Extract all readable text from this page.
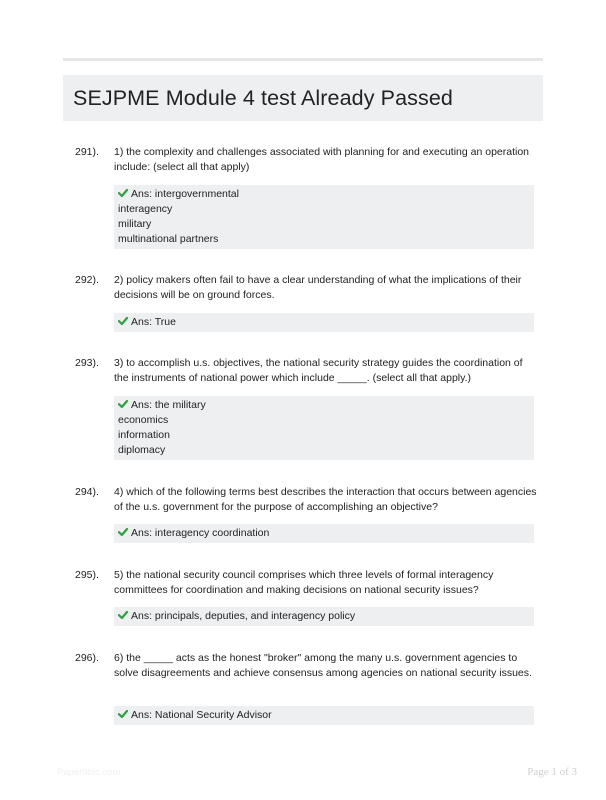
SEJPME Module 4 test Already Passed
291). 1) the complexity and challenges associated with planning for and executing an operation include: (select all that apply)
Ans: intergovernmental
interagency
military
multinational partners
292). 2) policy makers often fail to have a clear understanding of what the implications of their decisions will be on ground forces.
Ans: True
293). 3) to accomplish u.s. objectives, the national security strategy guides the coordination of the instruments of national power which include _____. (select all that apply.)
Ans: the military
economics
information
diplomacy
294). 4) which of the following terms best describes the interaction that occurs between agencies of the u.s. government for the purpose of accomplishing an objective?
Ans: interagency coordination
295). 5) the national security council comprises which three levels of formal interagency committees for coordination and making decisions on national security issues?
Ans: principals, deputies, and interagency policy
296). 6) the _____ acts as the honest "broker" among the many u.s. government agencies to solve disagreements and achieve consensus among agencies on national security issues.
Ans: National Security Advisor
Paper9bic.com	Page 1 of 3
